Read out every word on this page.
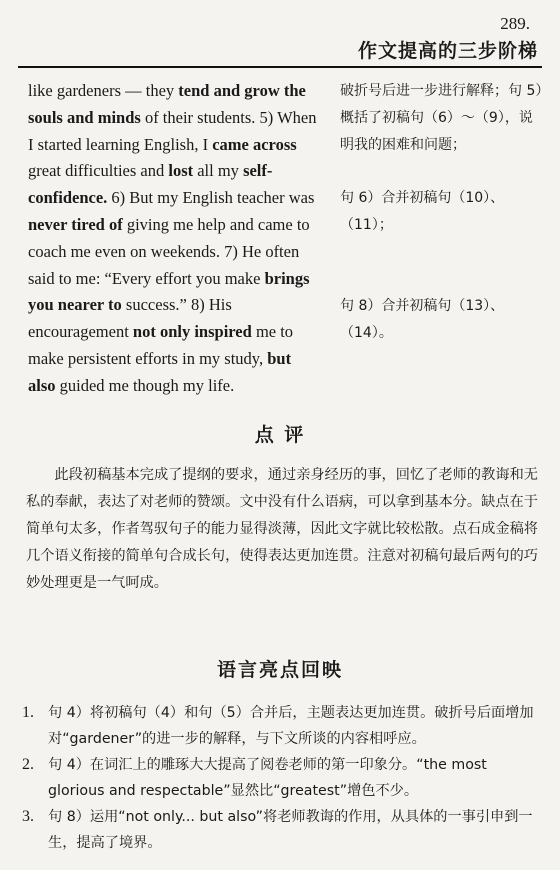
289.
作文提高的三步阶梯
like gardeners — they tend and grow the souls and minds of their students. 5) When I started learning English, I came across great difficulties and lost all my self-confidence. 6) But my English teacher was never tired of giving me help and came to coach me even on weekends. 7) He often said to me: “Every effort you make brings you nearer to success.” 8) His encouragement not only inspired me to make persistent efforts in my study, but also guided me though my life.
破折号后进一步进行解释；句 5）概括了初稿句（6）～（9），说明我的困难和问题；
句 6）合并初稿句（10）、（11）；
句 8）合并初稿句（13）、（14）。
点 评
此段初稿基本完成了提纲的要求，通过亲身经历的事，回忆了老师的教诲和无私的奉献，表达了对老师的赞颂。文中没有什么语病，可以拿到基本分。缺点在于简单句太多，作者驾驭句子的能力显得淡薄，因此文字就比较松散。点石成金稿将几个语义衔接的简单句合成长句，使得表达更加连贯。注意对初稿句最后两句的巧妙处理更是一气呵成。
语言亮点回映
1. 句 4）将初稿句（4）和句（5）合并后，主题表达更加连贯。破折号后面增加对“gardener”的进一步的解释，与下文所谈的内容相呼应。
2. 句 4）在词汇上的雕琢大大提高了阅卷老师的第一印象分。“the most glorious and respectable”显然比“greatest”增色不少。
3. 句 8）运用“not only... but also”将老师教诲的作用，从具体的一事引申到一生，提高了境界。
